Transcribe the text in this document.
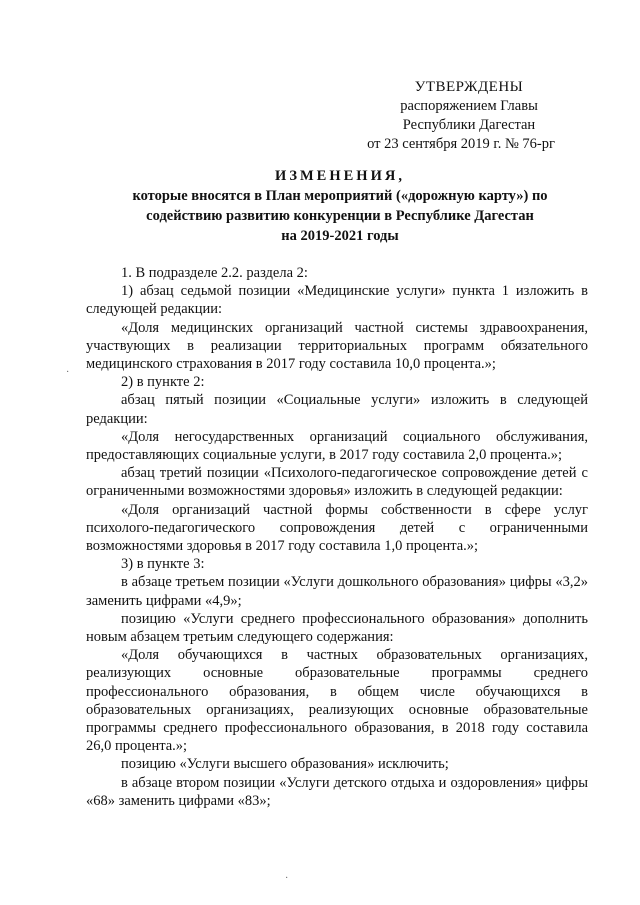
УТВЕРЖДЕНЫ
распоряжением Главы
Республики Дагестан
от 23 сентября 2019 г. № 76-рг
ИЗМЕНЕНИЯ,
которые вносятся в План мероприятий («дорожную карту») по
содействию развитию конкуренции в Республике Дагестан
на 2019-2021 годы

1. В подразделе 2.2. раздела 2:

1) абзац седьмой позиции «Медицинские услуги» пункта 1 изложить в следующей редакции:

«Доля медицинских организаций частной системы здравоохранения, участвующих в реализации территориальных программ обязательного медицинского страхования в 2017 году составила 10,0 процента.»;

2) в пункте 2:

абзац пятый позиции «Социальные услуги» изложить в следующей редакции:

«Доля негосударственных организаций социального обслуживания, предоставляющих социальные услуги, в 2017 году составила 2,0 процента.»;

абзац третий позиции «Психолого-педагогическое сопровождение детей с ограниченными возможностями здоровья» изложить в следующей редакции:

«Доля организаций частной формы собственности в сфере услуг психолого-педагогического сопровождения детей с ограниченными возможностями здоровья в 2017 году составила 1,0 процента.»;

3) в пункте 3:

в абзаце третьем позиции «Услуги дошкольного образования» цифры «3,2» заменить цифрами «4,9»;

позицию «Услуги среднего профессионального образования» дополнить новым абзацем третьим следующего содержания:

«Доля обучающихся в частных образовательных организациях, реализующих основные образовательные программы среднего профессионального образования, в общем числе обучающихся в образовательных организациях, реализующих основные образовательные программы среднего профессионального образования, в 2018 году составила 26,0 процента.»;

позицию «Услуги высшего образования» исключить;

в абзаце втором позиции «Услуги детского отдыха и оздоровления» цифры «68» заменить цифрами «83»;

·
·
